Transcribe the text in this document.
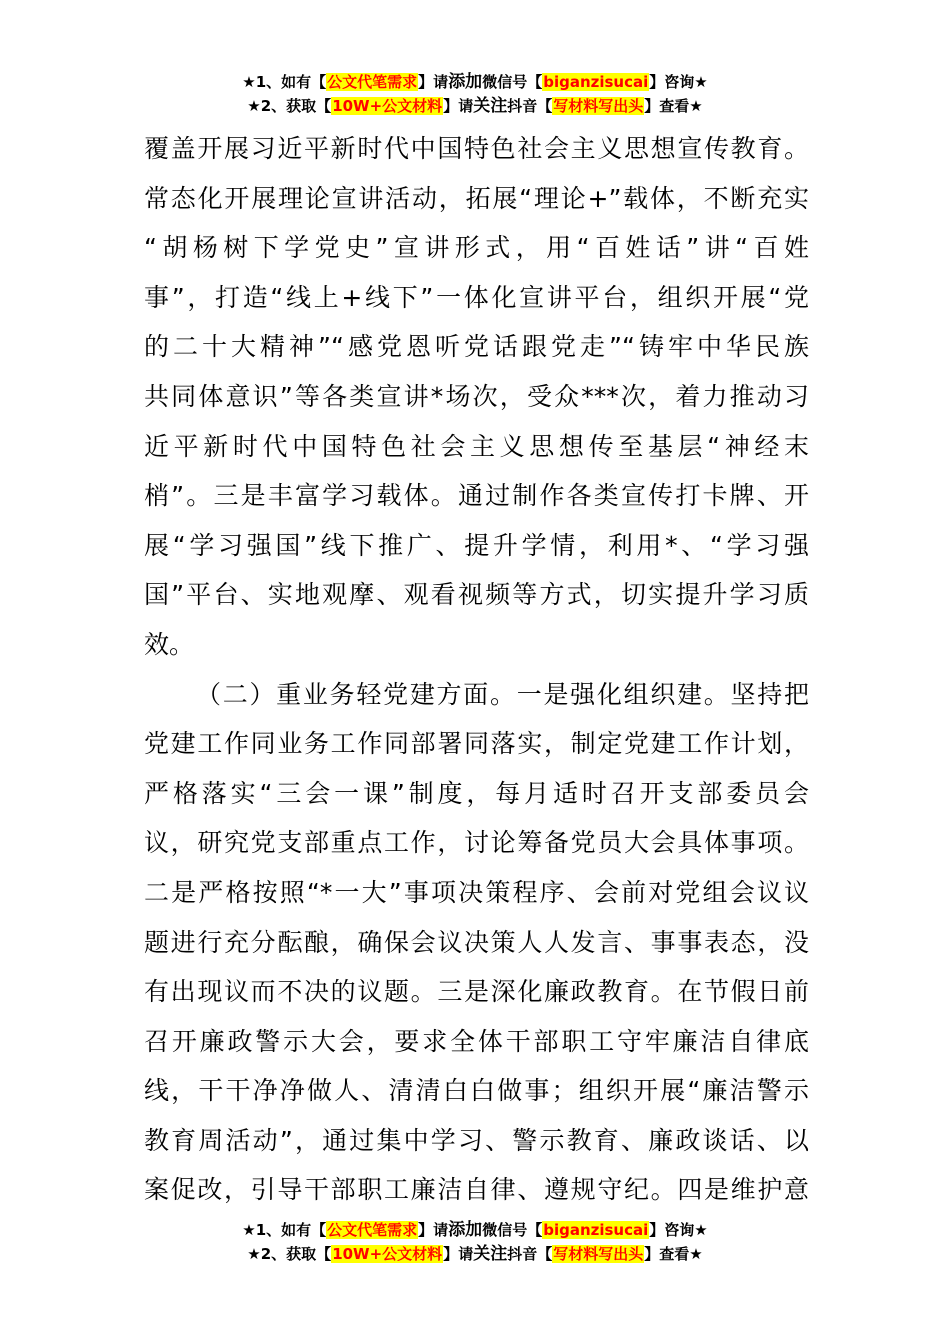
★1、如有【公文代笔需求】请添加微信号【biganzisucai】咨询★
★2、获取【10W+公文材料】请关注抖音【写材料写出头】查看★
覆盖开展习近平新时代中国特色社会主义思想宣传教育。
常态化开展理论宣讲活动，拓展“理论+”载体，不断充实
“胡杨树下学党史”宣讲形式，用“百姓话”讲“百姓
事”，打造“线上+线下”一体化宣讲平台，组织开展“党
的二十大精神”“感党恩听党话跟党走”“铸牢中华民族
共同体意识”等各类宣讲*场次，受众***次，着力推动习
近平新时代中国特色社会主义思想传至基层“神经末
梢”。三是丰富学习载体。通过制作各类宣传打卡牌、开
展“学习强国”线下推广、提升学情，利用*、“学习强
国”平台、实地观摩、观看视频等方式，切实提升学习质
效。
（二）重业务轻党建方面。一是强化组织建。坚持把
党建工作同业务工作同部署同落实，制定党建工作计划，
严格落实“三会一课”制度，每月适时召开支部委员会
议，研究党支部重点工作，讨论筹备党员大会具体事项。
二是严格按照“*一大”事项决策程序、会前对党组会议议
题进行充分酝酿，确保会议决策人人发言、事事表态，没
有出现议而不决的议题。三是深化廉政教育。在节假日前
召开廉政警示大会，要求全体干部职工守牢廉洁自律底
线，干干净净做人、清清白白做事；组织开展“廉洁警示
教育周活动”，通过集中学习、警示教育、廉政谈话、以
案促改，引导干部职工廉洁自律、遵规守纪。四是维护意
★1、如有【公文代笔需求】请添加微信号【biganzisucai】咨询★
★2、获取【10W+公文材料】请关注抖音【写材料写出头】查看★
